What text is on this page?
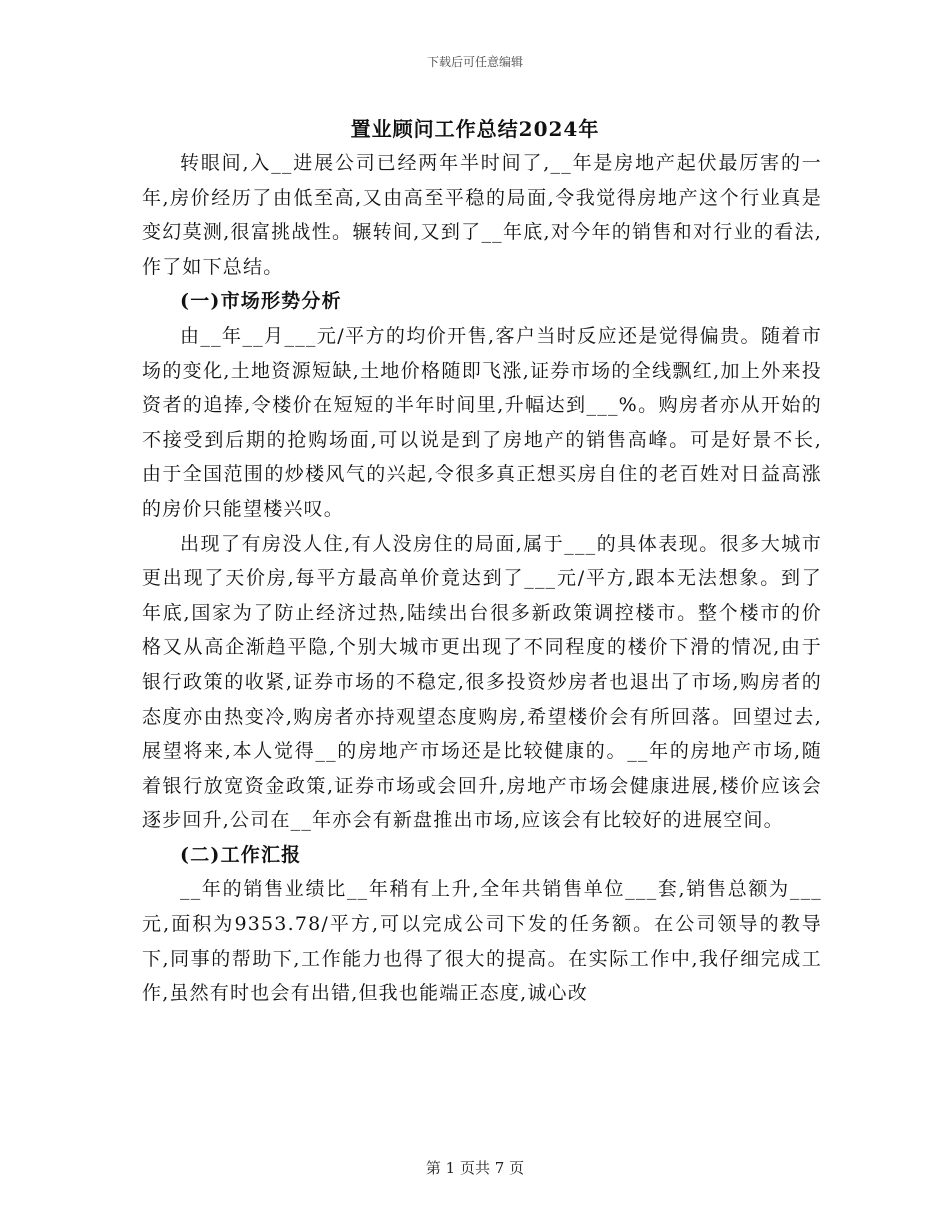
下载后可任意编辑
置业顾问工作总结2024年

转眼间,入__进展公司已经两年半时间了,__年是房地产起伏最厉害的一年,房价经历了由低至高,又由高至平稳的局面,令我觉得房地产这个行业真是变幻莫测,很富挑战性。辗转间,又到了__年底,对今年的销售和对行业的看法,作了如下总结。

(一)市场形势分析

由__年__月___元/平方的均价开售,客户当时反应还是觉得偏贵。随着市场的变化,土地资源短缺,土地价格随即飞涨,证券市场的全线飘红,加上外来投资者的追捧,令楼价在短短的半年时间里,升幅达到___%。购房者亦从开始的不接受到后期的抢购场面,可以说是到了房地产的销售高峰。可是好景不长,由于全国范围的炒楼风气的兴起,令很多真正想买房自住的老百姓对日益高涨的房价只能望楼兴叹。

出现了有房没人住,有人没房住的局面,属于___的具体表现。很多大城市更出现了天价房,每平方最高单价竟达到了___元/平方,跟本无法想象。到了年底,国家为了防止经济过热,陆续出台很多新政策调控楼市。整个楼市的价格又从高企渐趋平隐,个别大城市更出现了不同程度的楼价下滑的情况,由于银行政策的收紧,证券市场的不稳定,很多投资炒房者也退出了市场,购房者的态度亦由热变冷,购房者亦持观望态度购房,希望楼价会有所回落。回望过去,展望将来,本人觉得__的房地产市场还是比较健康的。__年的房地产市场,随着银行放宽资金政策,证券市场或会回升,房地产市场会健康进展,楼价应该会逐步回升,公司在__年亦会有新盘推出市场,应该会有比较好的进展空间。

(二)工作汇报

__年的销售业绩比__年稍有上升,全年共销售单位___套,销售总额为___元,面积为9353.78/平方,可以完成公司下发的任务额。在公司领导的教导下,同事的帮助下,工作能力也得了很大的提高。在实际工作中,我仔细完成工作,虽然有时也会有出错,但我也能端正态度,诚心改

第 1 页共 7 页
